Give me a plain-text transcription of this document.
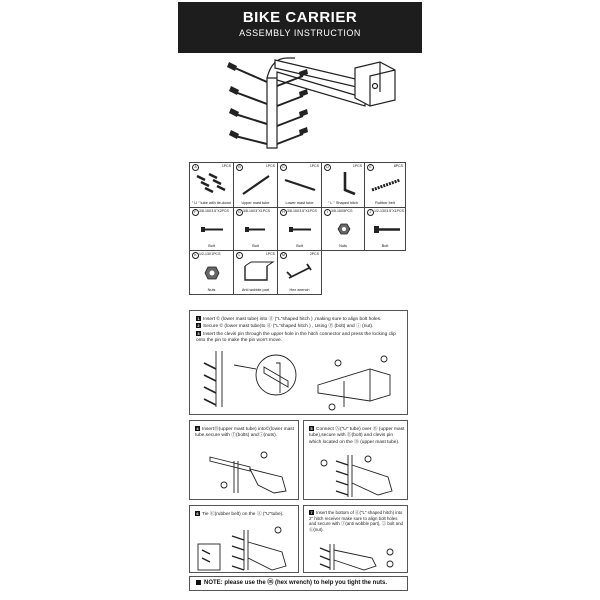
BIKE CARRIER
ASSEMBLY INSTRUCTION
A	1PCS
" U " tube with tie-down
B	1PCS
Upper mast tube
C	1PCS
Lower mast tube
D	1PCS
" L " Shaped hitch
E	8PCS
Rubber belt
F 3/8-16X3.5"X2PCS
Bolt
G 3/8-16X3"X1PCS
Bolt
H 3/8-16X3.5"X1PCS
Bolt
I 3/8-16X5PCS
Nuts
J 1/2-13X3.5"X1PCS
Bolt
K 1/2-13X1PCS
Nuts
L	1PCS
Anti wobble part
M	2PCS
Hex wrench
1 Insert © (lower mast tube) into ⓓ ("L"shaped hitch ) ,making sure to align bolt holes.
2 Secure © (lower mast tube)to ⓓ ("L"shaped hitch ) , Using ⓖ (bolt) and ⓘ (nut).
3 Insert the clevis pin through the upper hole in the hitch connector and press the locking clip onto the pin to make the pin won't move.
4 InsertⒷ(upper mast tube) into©(lower mast tube,secure with ⓕ(bolts) andⓘ(nuts).
5 Connect Ⓐ("U" tube) over Ⓑ (upper mast tube),secure with ⓗ(bolt) and clevis pin which located on the Ⓑ (upper mast tube).
6 Tie Ⓔ(rubber belt) on the Ⓐ ("U"tube).	7 Insert the bottom of ⓓ("L" shaped hitch) into 2" hitch receiver make sure to align bolt holes and secure with ⓛ(anti wobble part), ⓙ bolt and ⓚ(nut).
NOTE: please use the ⓜ (hex wrench) to help you tight the nuts.
